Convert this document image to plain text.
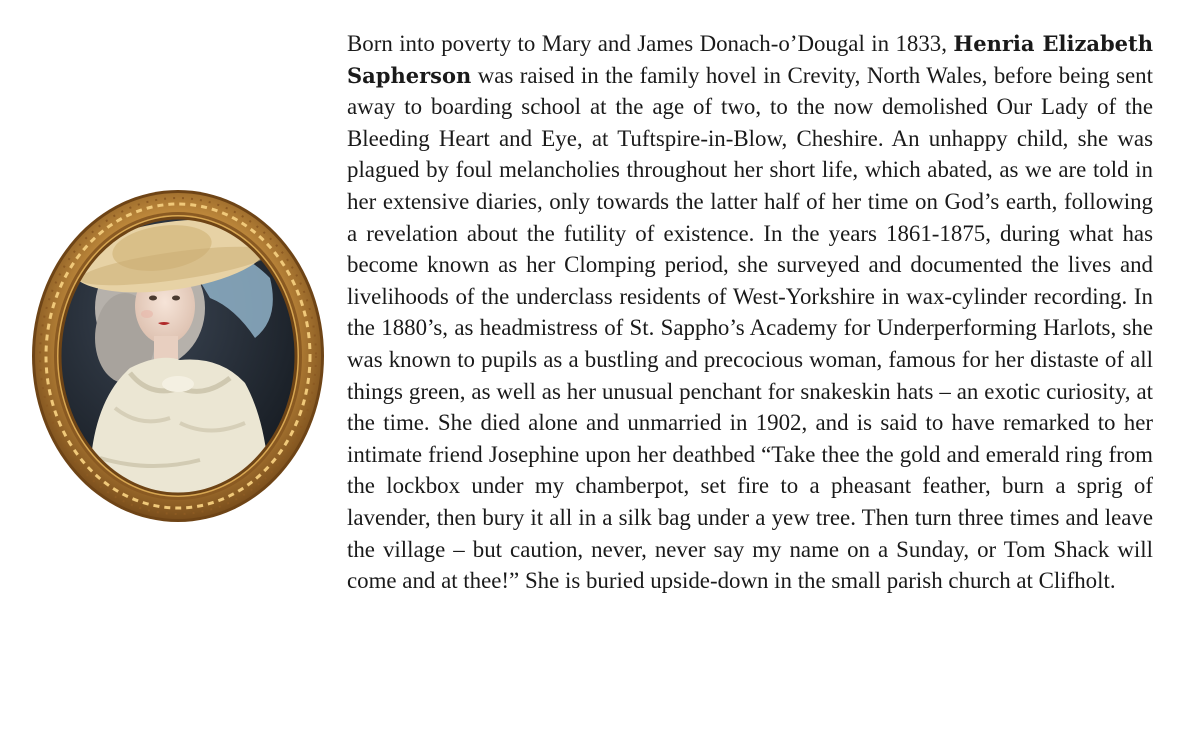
Born into poverty to Mary and James Donach-o’Dougal in 1833, Henria Elizabeth Sapherson was raised in the family hovel in Crevity, North Wales, before being sent away to boarding school at the age of two, to the now demolished Our Lady of the Bleeding Heart and Eye, at Tuftspire-in-Blow, Cheshire. An unhappy child, she was plagued by foul melancholies throughout her short life, which abated, as we are told in her extensive diaries, only towards the latter half of her time on God’s earth, following a revelation about the futility of existence. In the years 1861-1875, during what has become known as her Clomping period, she surveyed and documented the lives and livelihoods of the underclass residents of West-Yorkshire in wax-cylinder recording. In the 1880’s, as headmistress of St. Sappho’s Academy for Underperforming Harlots, she was known to pupils as a bustling and precocious woman, famous for her distaste of all things green, as well as her unusual penchant for snakeskin hats – an exotic curiosity, at the time. She died alone and unmarried in 1902, and is said to have remarked to her intimate friend Josephine upon her deathbed “Take thee the gold and emerald ring from the lockbox under my chamberpot, set fire to a pheasant feather, burn a sprig of lavender, then bury it all in a silk bag under a yew tree. Then turn three times and leave the village – but caution, never, never say my name on a Sunday, or Tom Shack will come and at thee!” She is buried upside-down in the small parish church at Clifholt.
